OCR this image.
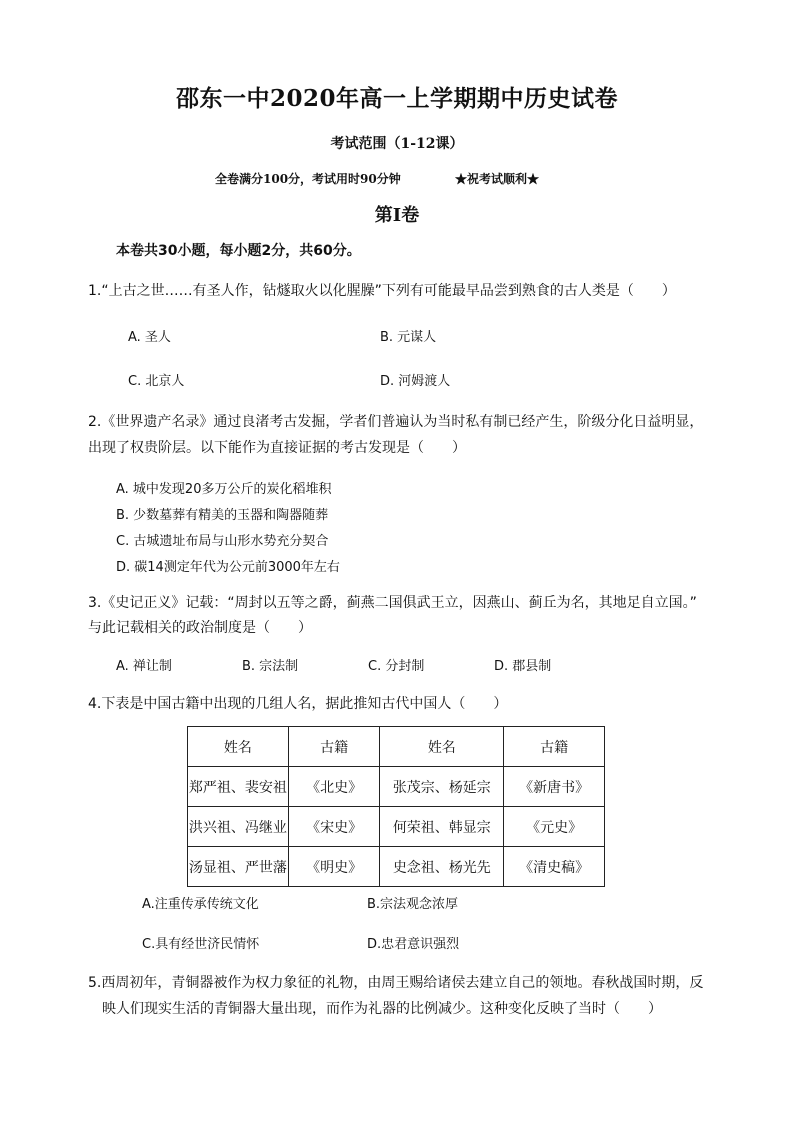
邵东一中2020年高一上学期期中历史试卷
考试范围（1-12课）
全卷满分100分，考试用时90分钟	★祝考试顺利★
第Ⅰ卷
本卷共30小题，每小题2分，共60分。
1.“上古之世……有圣人作，钻燧取火以化腥臊”下列有可能最早品尝到熟食的古人类是（　　）
A. 圣人	B. 元谋人
C. 北京人	D. 河姆渡人
2.《世界遗产名录》通过良渚考古发掘，学者们普遍认为当时私有制已经产生，阶级分化日益明显，
出现了权贵阶层。以下能作为直接证据的考古发现是（　　）
A. 城中发现20多万公斤的炭化稻堆积
B. 少数墓葬有精美的玉器和陶器随葬
C. 古城遗址布局与山形水势充分契合
D. 碳14测定年代为公元前3000年左右
3.《史记正义》记载：“周封以五等之爵，蓟燕二国俱武王立，因燕山、蓟丘为名，其地足自立国。”
与此记载相关的政治制度是（　　）
A. 禅让制	B. 宗法制	C. 分封制	D. 郡县制
4.下表是中国古籍中出现的几组人名，据此推知古代中国人（　　）
姓名	古籍	姓名	古籍
郑严祖、裴安祖	《北史》	张茂宗、杨延宗	《新唐书》
洪兴祖、冯继业	《宋史》	何荣祖、韩显宗	《元史》
汤显祖、严世藩	《明史》	史念祖、杨光先	《清史稿》
A.注重传承传统文化	B.宗法观念浓厚
C.具有经世济民情怀	D.忠君意识强烈
5.西周初年，青铜器被作为权力象征的礼物，由周王赐给诸侯去建立自己的领地。春秋战国时期，反
映人们现实生活的青铜器大量出现，而作为礼器的比例减少。这种变化反映了当时（　　）
